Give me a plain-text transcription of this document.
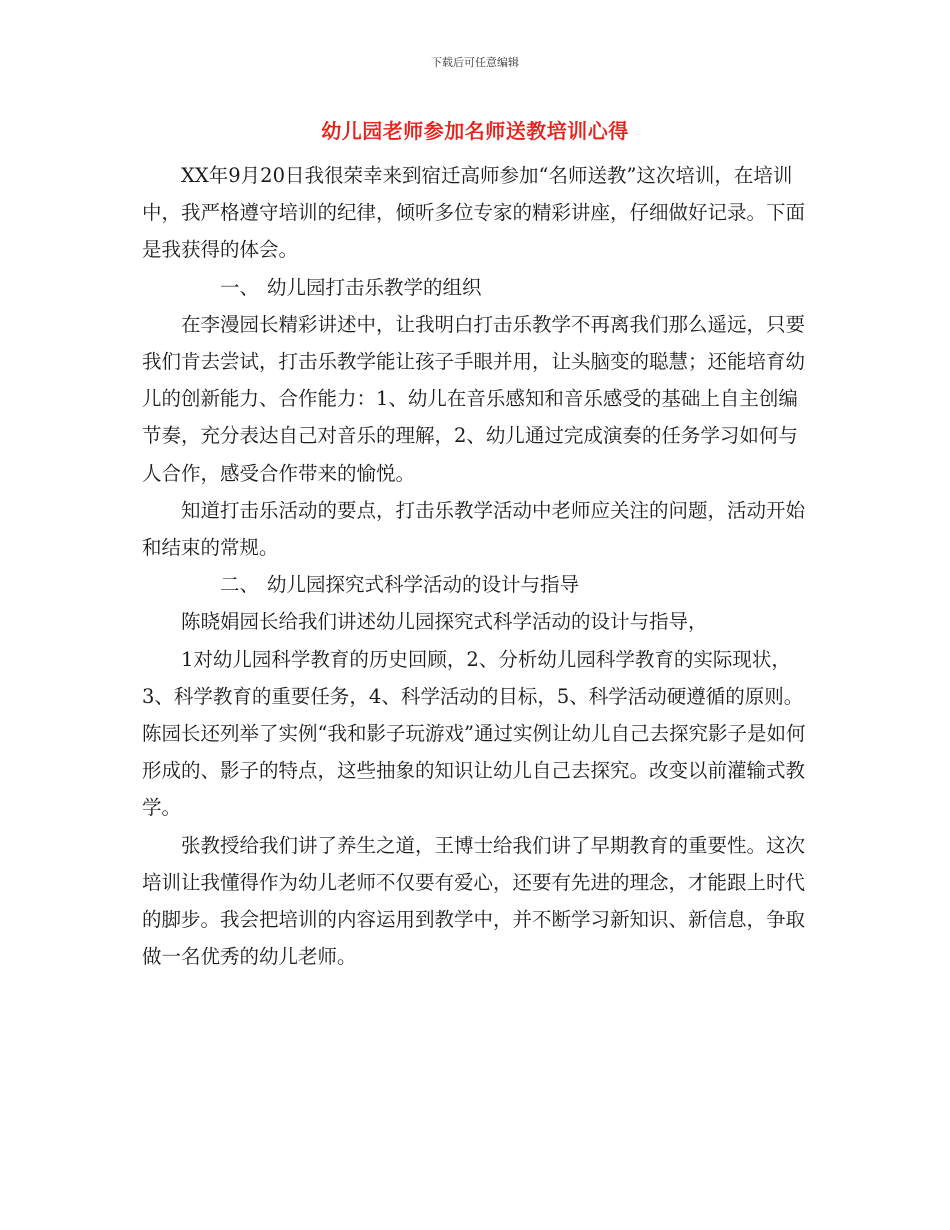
下载后可任意编辑
幼儿园老师参加名师送教培训心得

XX年9月20日我很荣幸来到宿迁高师参加“名师送教”这次培训，在培训中，我严格遵守培训的纪律，倾听多位专家的精彩讲座，仔细做好记录。下面是我获得的体会。

一、 幼儿园打击乐教学的组织

在李漫园长精彩讲述中，让我明白打击乐教学不再离我们那么遥远，只要我们肯去尝试，打击乐教学能让孩子手眼并用，让头脑变的聪慧；还能培育幼儿的创新能力、合作能力：1、幼儿在音乐感知和音乐感受的基础上自主创编节奏，充分表达自己对音乐的理解，2、幼儿通过完成演奏的任务学习如何与人合作，感受合作带来的愉悦。

知道打击乐活动的要点，打击乐教学活动中老师应关注的问题，活动开始和结束的常规。

二、 幼儿园探究式科学活动的设计与指导

陈晓娟园长给我们讲述幼儿园探究式科学活动的设计与指导，

1对幼儿园科学教育的历史回顾，2、分析幼儿园科学教育的实际现状，3、科学教育的重要任务，4、科学活动的目标，5、科学活动硬遵循的原则。陈园长还列举了实例“我和影子玩游戏”通过实例让幼儿自己去探究影子是如何形成的、影子的特点，这些抽象的知识让幼儿自己去探究。改变以前灌输式教学。

张教授给我们讲了养生之道，王博士给我们讲了早期教育的重要性。这次培训让我懂得作为幼儿老师不仅要有爱心，还要有先进的理念，才能跟上时代的脚步。我会把培训的内容运用到教学中，并不断学习新知识、新信息，争取做一名优秀的幼儿老师。
